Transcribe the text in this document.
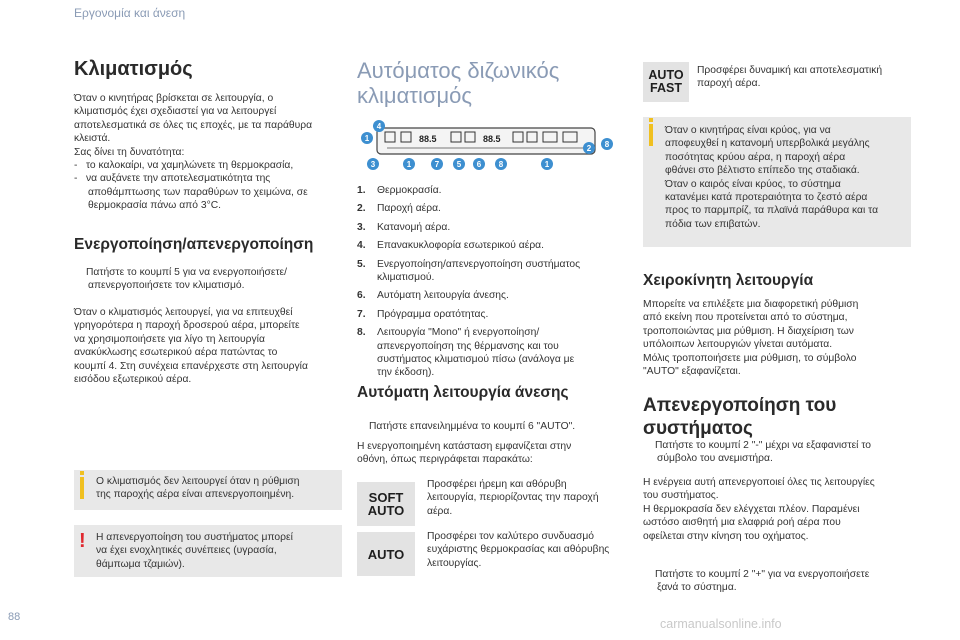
Εργονομία και άνεση
Κλιματισμός
Όταν ο κινητήρας βρίσκεται σε λειτουργία, ο
κλιματισμός έχει σχεδιαστεί για να λειτουργεί
αποτελεσματικά σε όλες τις εποχές, με τα παράθυρα
κλειστά.
Σας δίνει τη δυνατότητα:
- το καλοκαίρι, να χαμηλώνετε τη θερμοκρασία,
- να αυξάνετε την αποτελεσματικότητα της
αποθάμπτωσης των παραθύρων το χειμώνα, σε
θερμοκρασία πάνω από 3°C.
Ενεργοποίηση/απενεργοποίηση
Πατήστε το κουμπί 5 για να ενεργοποιήσετε/
απενεργοποιήσετε τον κλιματισμό.
Όταν ο κλιματισμός λειτουργεί, για να επιτευχθεί
γρηγορότερα η παροχή δροσερού αέρα, μπορείτε
να χρησιμοποιήσετε για λίγο τη λειτουργία
ανακύκλωσης εσωτερικού αέρα πατώντας το
κουμπί 4. Στη συνέχεια επανέρχεστε στη λειτουργία
εισόδου εξωτερικού αέρα.
Ο κλιματισμός δεν λειτουργεί όταν η ρύθμιση
της παροχής αέρα είναι απενεργοποιημένη.
! Η απενεργοποίηση του συστήματος μπορεί
να έχει ενοχλητικές συνέπειες (υγρασία,
θάμπωμα τζαμιών).
Αυτόματος διζωνικός
κλιματισμός
88.5	88.5
4
1
3	1	7 5 6 8	1
2 8
1.	Θερμοκρασία.
2.	Παροχή αέρα.
3.	Κατανομή αέρα.
4.	Επανακυκλοφορία εσωτερικού αέρα.
5.	Ενεργοποίηση/απενεργοποίηση συστήματος
κλιματισμού.
6.	Αυτόματη λειτουργία άνεσης.
7.	Πρόγραμμα ορατότητας.
8.	Λειτουργία "Mono" ή ενεργοποίηση/
απενεργοποίηση της θέρμανσης και του
συστήματος κλιματισμού πίσω (ανάλογα με
την έκδοση).
Αυτόματη λειτουργία άνεσης
Πατήστε επανειλημμένα το κουμπί 6 "AUTO".
Η ενεργοποιημένη κατάσταση εμφανίζεται στην
οθόνη, όπως περιγράφεται παρακάτω:
SOFT
AUTO
Προσφέρει ήρεμη και αθόρυβη
λειτουργία, περιορίζοντας την παροχή
αέρα.
AUTO
Προσφέρει τον καλύτερο συνδυασμό
ευχάριστης θερμοκρασίας και αθόρυβης
λειτουργίας.
AUTO
FAST
Προσφέρει δυναμική και αποτελεσματική
παροχή αέρα.
Όταν ο κινητήρας είναι κρύος, για να
αποφευχθεί η κατανομή υπερβολικά μεγάλης
ποσότητας κρύου αέρα, η παροχή αέρα
φθάνει στο βέλτιστο επίπεδο της σταδιακά.
Όταν ο καιρός είναι κρύος, το σύστημα
κατανέμει κατά προτεραιότητα το ζεστό αέρα
προς το παρμπρίζ, τα πλαϊνά παράθυρα και τα
πόδια των επιβατών.
Χειροκίνητη λειτουργία
Μπορείτε να επιλέξετε μια διαφορετική ρύθμιση
από εκείνη που προτείνεται από το σύστημα,
τροποποιώντας μια ρύθμιση. Η διαχείριση των
υπόλοιπων λειτουργιών γίνεται αυτόματα.
Μόλις τροποποιήσετε μια ρύθμιση, το σύμβολο
"AUTO" εξαφανίζεται.
Απενεργοποίηση του
συστήματος
Πατήστε το κουμπί 2 "-" μέχρι να εξαφανιστεί το
σύμβολο του ανεμιστήρα.
Η ενέργεια αυτή απενεργοποιεί όλες τις λειτουργίες
του συστήματος.
Η θερμοκρασία δεν ελέγχεται πλέον. Παραμένει
ωστόσο αισθητή μια ελαφριά ροή αέρα που
οφείλεται στην κίνηση του οχήματος.
Πατήστε το κουμπί 2 "+" για να ενεργοποιήσετε
ξανά το σύστημα.
88	carmanualsonline.info
